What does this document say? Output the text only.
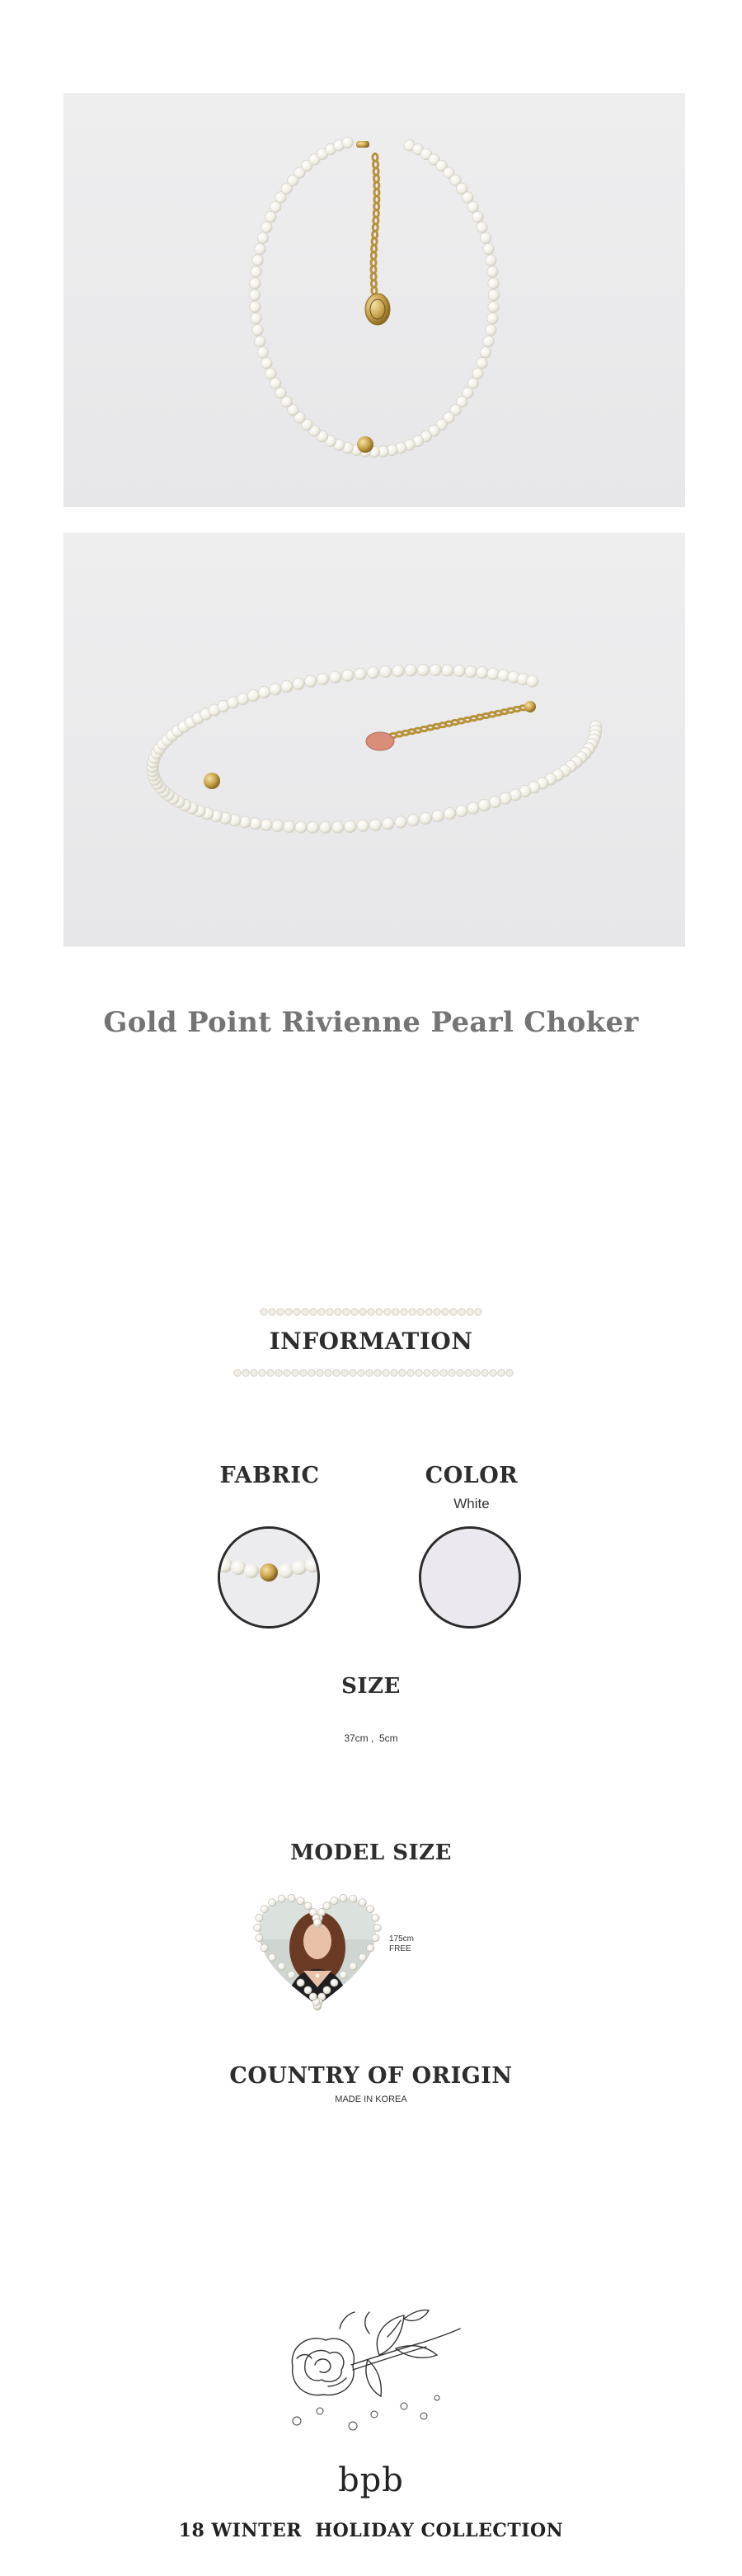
Gold Point Rivienne Pearl Choker
INFORMATION
FABRIC	COLOR
White
SIZE
37cm ,  5cm
MODEL SIZE
175cm
FREE
COUNTRY OF ORIGIN
MADE IN KOREA
bpb
18 WINTER  HOLIDAY COLLECTION
